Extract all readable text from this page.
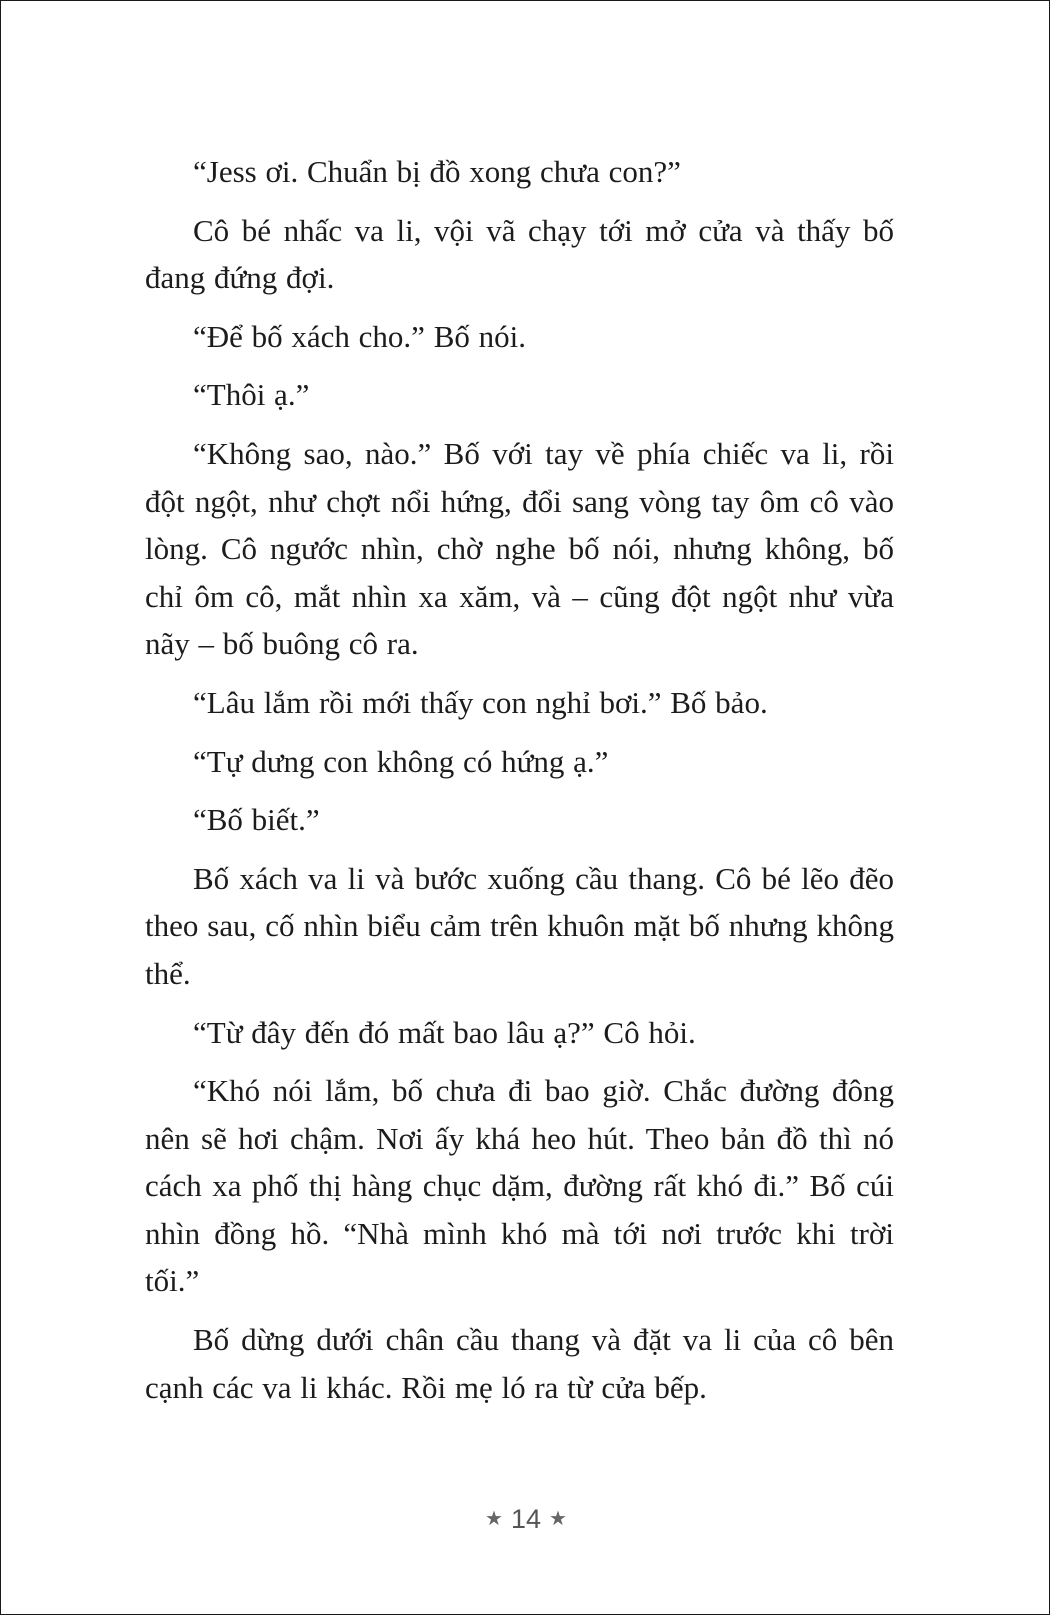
“Jess ơi. Chuẩn bị đồ xong chưa con?”

Cô bé nhấc va li, vội vã chạy tới mở cửa và thấy bố đang đứng đợi.

“Để bố xách cho.” Bố nói.

“Thôi ạ.”

“Không sao, nào.” Bố với tay về phía chiếc va li, rồi đột ngột, như chợt nổi hứng, đổi sang vòng tay ôm cô vào lòng. Cô ngước nhìn, chờ nghe bố nói, nhưng không, bố chỉ ôm cô, mắt nhìn xa xăm, và – cũng đột ngột như vừa nãy – bố buông cô ra.

“Lâu lắm rồi mới thấy con nghỉ bơi.” Bố bảo.

“Tự dưng con không có hứng ạ.”

“Bố biết.”

Bố xách va li và bước xuống cầu thang. Cô bé lẽo đẽo theo sau, cố nhìn biểu cảm trên khuôn mặt bố nhưng không thể.

“Từ đây đến đó mất bao lâu ạ?” Cô hỏi.

“Khó nói lắm, bố chưa đi bao giờ. Chắc đường đông nên sẽ hơi chậm. Nơi ấy khá heo hút. Theo bản đồ thì nó cách xa phố thị hàng chục dặm, đường rất khó đi.” Bố cúi nhìn đồng hồ. “Nhà mình khó mà tới nơi trước khi trời tối.”

Bố dừng dưới chân cầu thang và đặt va li của cô bên cạnh các va li khác. Rồi mẹ ló ra từ cửa bếp.

★ 14 ★
